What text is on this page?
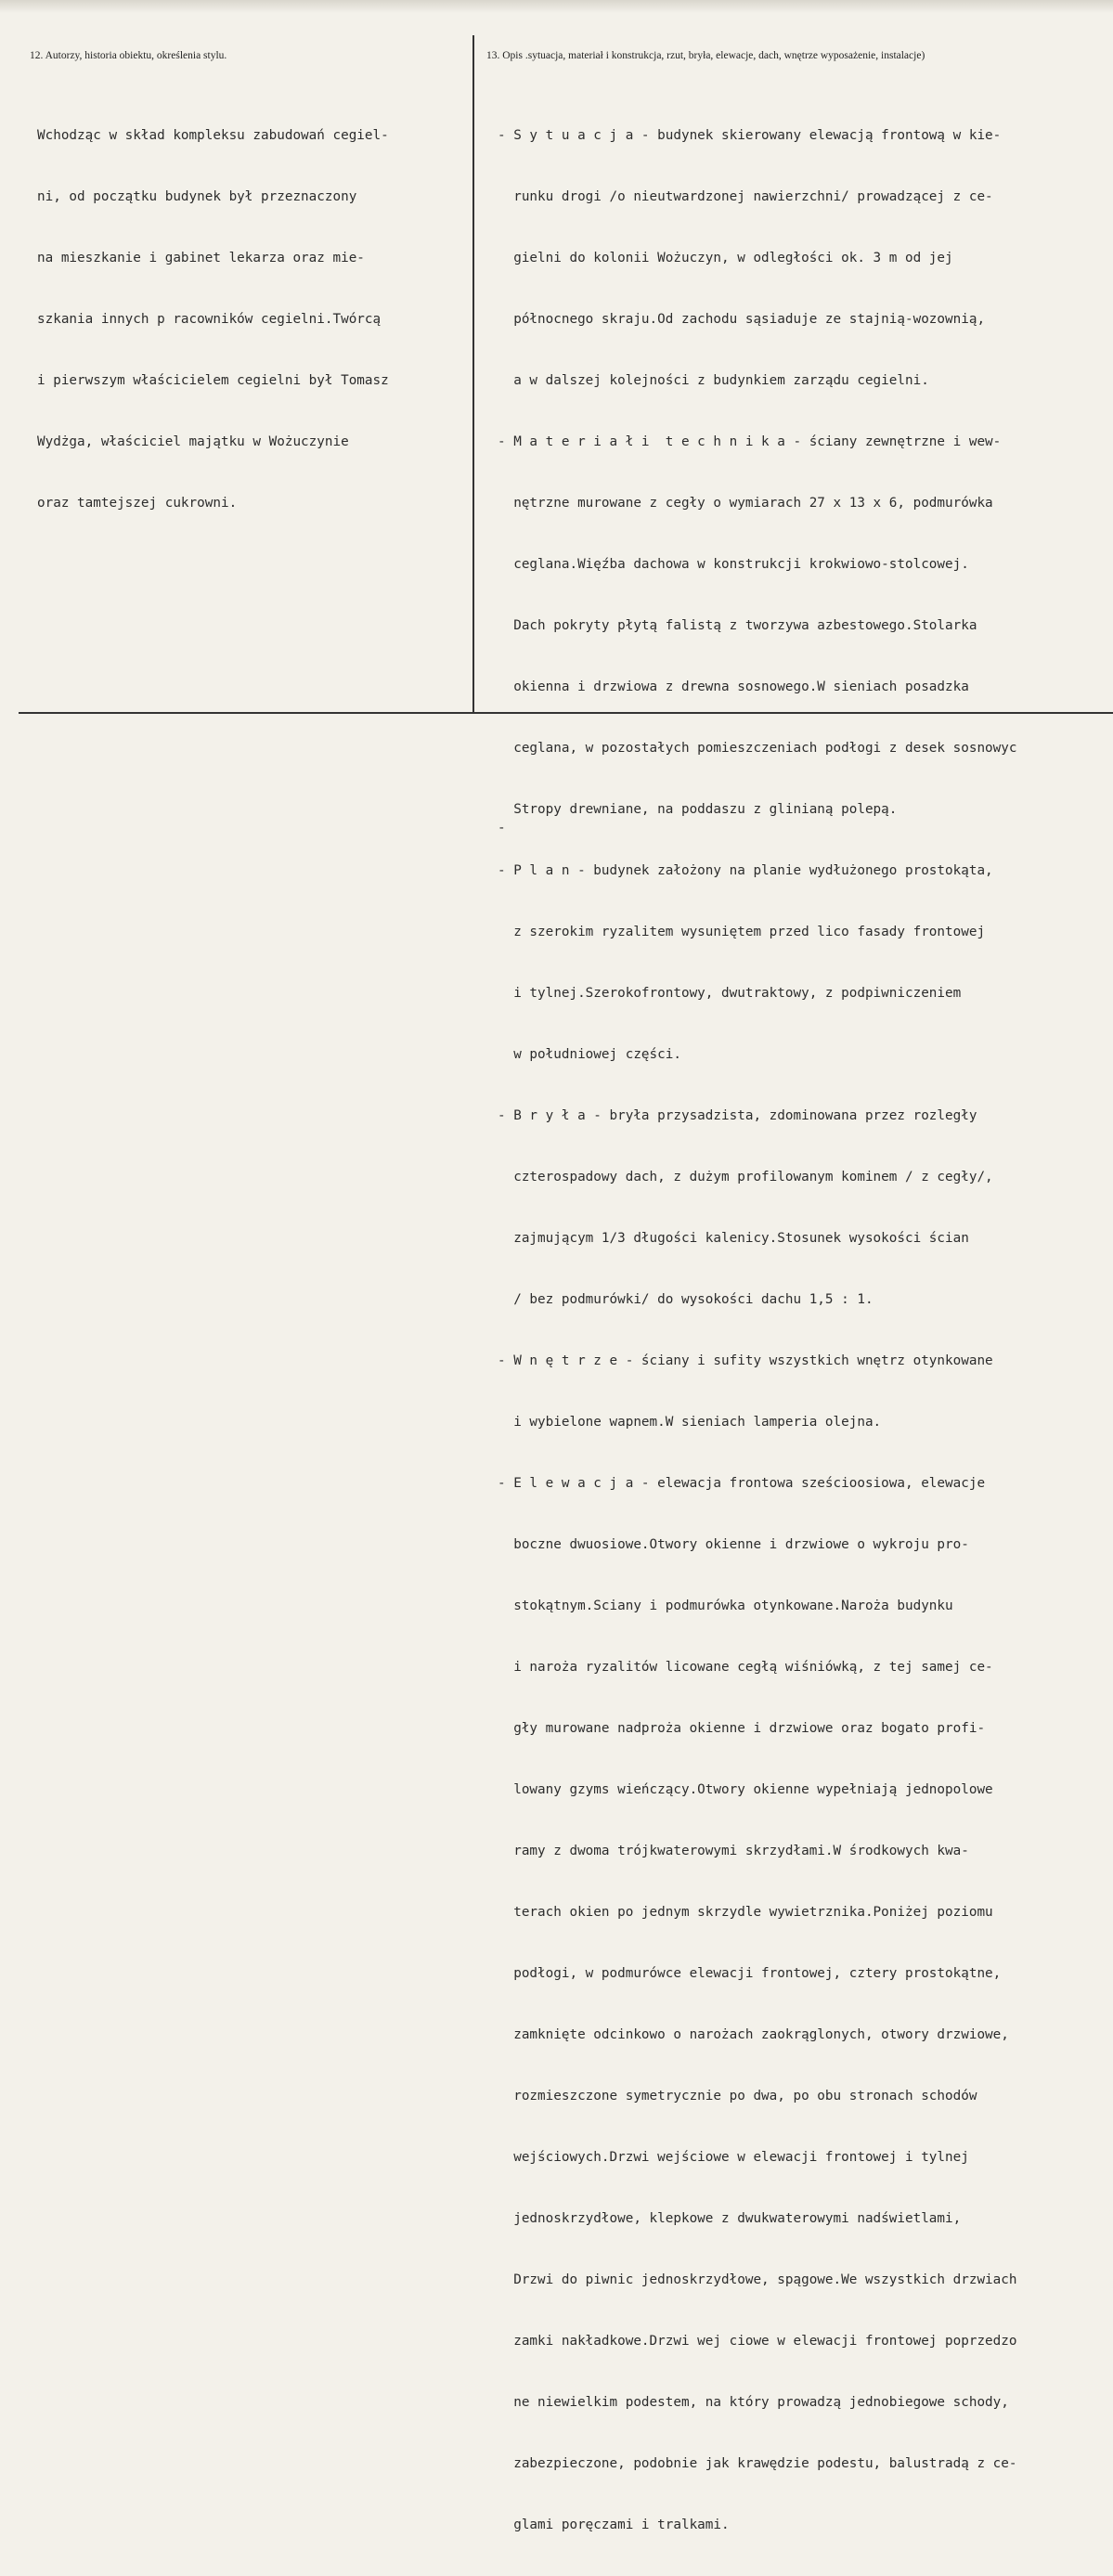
12. Autorzy, historia obiektu, określenia stylu.	13. Opis .sytuacja, materiał i konstrukcja, rzut, bryła, elewacje, dach, wnętrze wyposażenie, instalacje)

Wchodząc w skład kompleksu zabudowań cegiel-

ni, od początku budynek był przeznaczony

na mieszkanie i gabinet lekarza oraz mie-

szkania innych p racowników cegielni.Twórcą

i pierwszym właścicielem cegielni był Tomasz

Wydżga, właściciel majątku w Wożuczynie

oraz tamtejszej cukrowni.

- S y t u a c j a - budynek skierowany elewacją frontową w kie-

runku drogi /o nieutwardzonej nawierzchni/ prowadzącej z ce-

gielni do kolonii Wożuczyn, w odległości ok. 3 m od jej

północnego skraju.Od zachodu sąsiaduje ze stajnią-wozownią,

a w dalszej kolejności z budynkiem zarządu cegielni.

- M a t e r i a ł i  t e c h n i k a - ściany zewnętrzne i wew-

nętrzne murowane z cegły o wymiarach 27 x 13 x 6, podmurówka

ceglana.Więźba dachowa w konstrukcji krokwiowo-stolcowej.

Dach pokryty płytą falistą z tworzywa azbestowego.Stolarka

okienna i drzwiowa z drewna sosnowego.W sieniach posadzka

ceglana, w pozostałych pomieszczeniach podłogi z desek sosnowyc

Stropy drewniane, na poddaszu z glinianą polepą.

- P l a n - budynek założony na planie wydłużonego prostokąta,

z szerokim ryzalitem wysuniętem przed lico fasady frontowej

i tylnej.Szerokofrontowy, dwutraktowy, z podpiwniczeniem

w południowej części.

- B r y ł a - bryła przysadzista, zdominowana przez rozległy

czterospadowy dach, z dużym profilowanym kominem / z cegły/,

zajmującym 1/3 długości kalenicy.Stosunek wysokości ścian

/ bez podmurówki/ do wysokości dachu 1,5 : 1.

- W n ę t r z e - ściany i sufity wszystkich wnętrz otynkowane

i wybielone wapnem.W sieniach lamperia olejna.

- E l e w a c j a - elewacja frontowa sześcioosiowa, elewacje

boczne dwuosiowe.Otwory okienne i drzwiowe o wykroju pro-

stokątnym.Sciany i podmurówka otynkowane.Naroża budynku

i naroża ryzalitów licowane cegłą wiśniówką, z tej samej ce-

gły murowane nadproża okienne i drzwiowe oraz bogato profi-

lowany gzyms wieńczący.Otwory okienne wypełniają jednopolowe

ramy z dwoma trójkwaterowymi skrzydłami.W środkowych kwa-

terach okien po jednym skrzydle wywietrznika.Poniżej poziomu

podłogi, w podmurówce elewacji frontowej, cztery prostokątne,

zamknięte odcinkowo o narożach zaokrąglonych, otwory drzwiowe,

rozmieszczone symetrycznie po dwa, po obu stronach schodów

wejściowych.Drzwi wejściowe w elewacji frontowej i tylnej

jednoskrzydłowe, klepkowe z dwukwaterowymi nadświetlami,

Drzwi do piwnic jednoskrzydłowe, spągowe.We wszystkich drzwiach

zamki nakładkowe.Drzwi wej ciowe w elewacji frontowej poprzedzo

ne niewielkim podestem, na który prowadzą jednobiegowe schody,

zabezpieczone, podobnie jak krawędzie podestu, balustradą z ce-

glami poręczami i tralkami.

-
